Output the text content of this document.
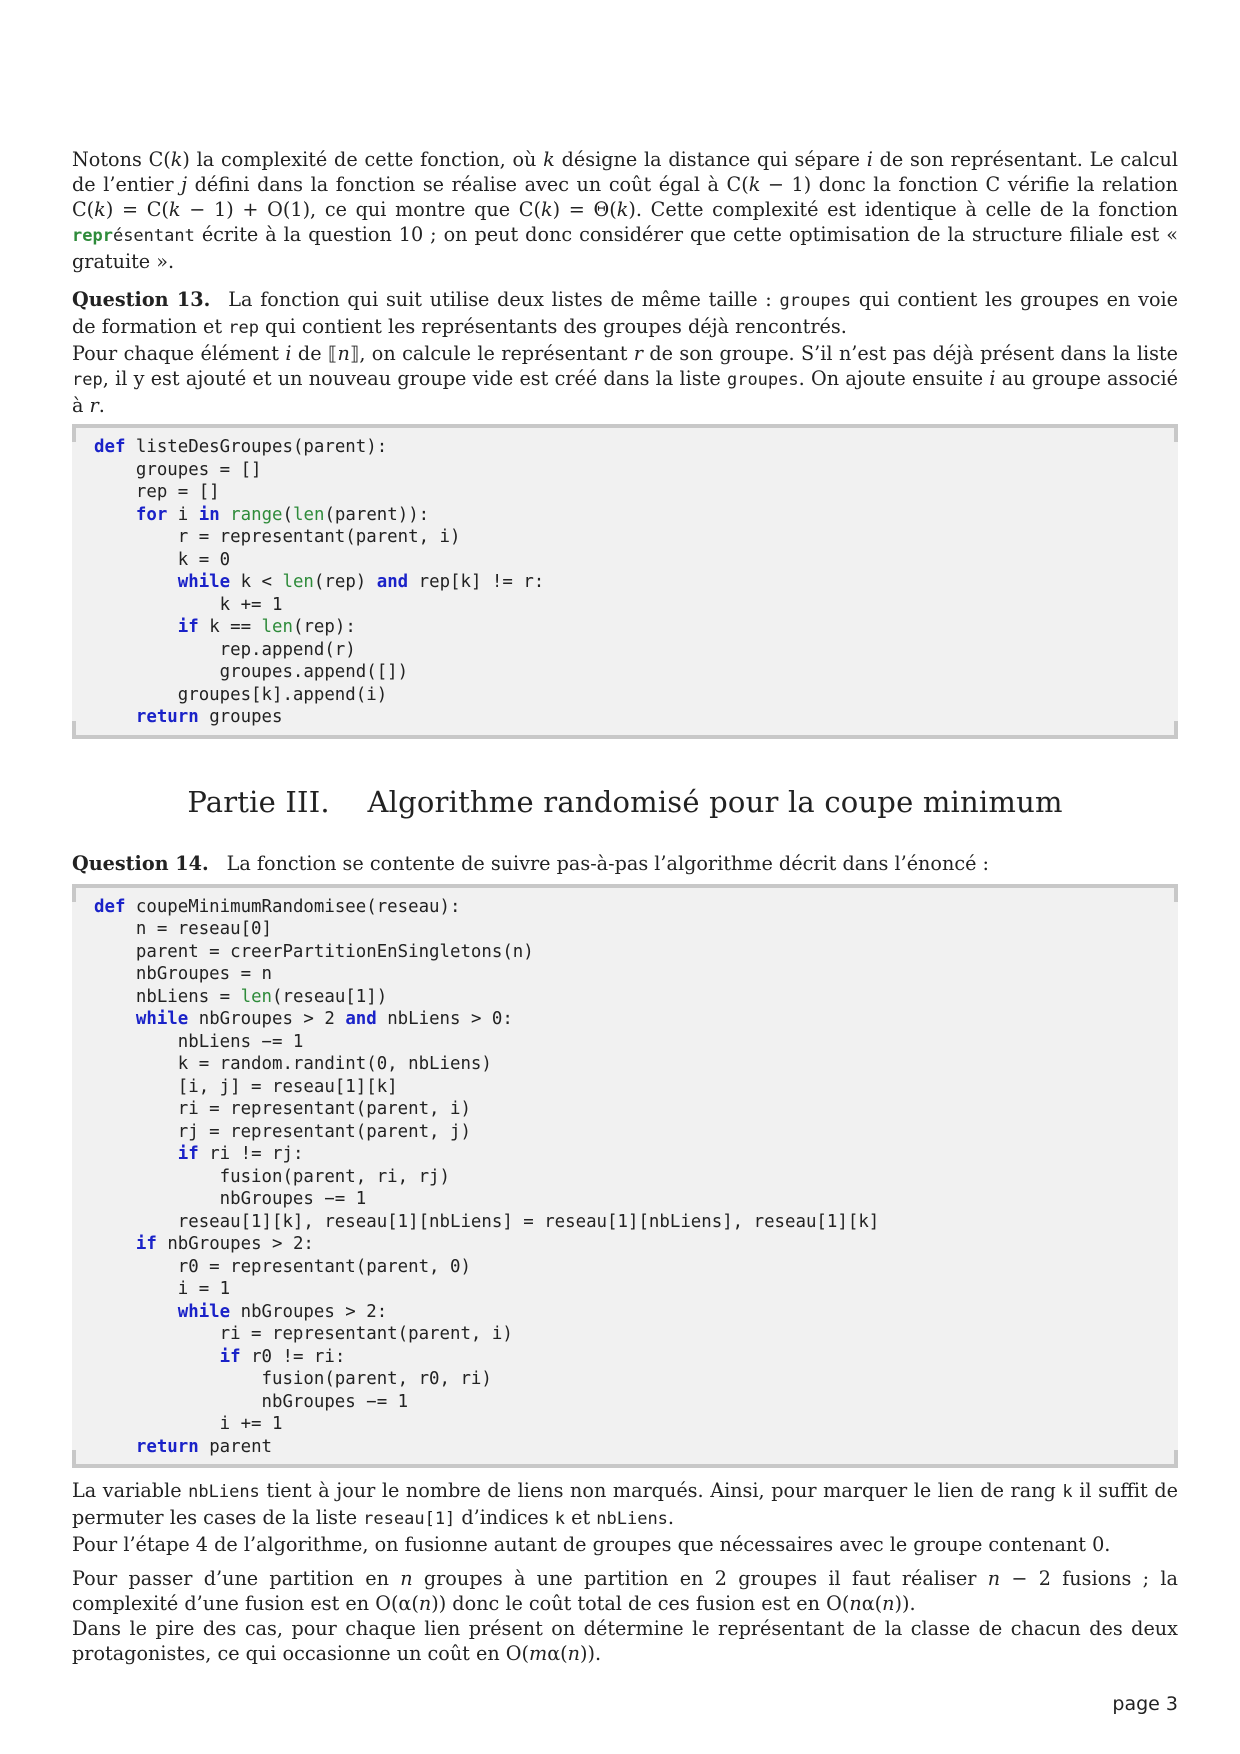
Notons C(k) la complexité de cette fonction, où k désigne la distance qui sépare i de son représentant. Le calcul de l’entier j défini dans la fonction se réalise avec un coût égal à C(k − 1) donc la fonction C vérifie la relation C(k) = C(k − 1) + O(1), ce qui montre que C(k) = Θ(k). Cette complexité est identique à celle de la fonction représentant écrite à la question 10 ; on peut donc considérer que cette optimisation de la structure filiale est « gratuite ».

Question 13. La fonction qui suit utilise deux listes de même taille : groupes qui contient les groupes en voie de formation et rep qui contient les représentants des groupes déjà rencontrés.

Pour chaque élément i de ⟦n⟧, on calcule le représentant r de son groupe. S’il n’est pas déjà présent dans la liste rep, il y est ajouté et un nouveau groupe vide est créé dans la liste groupes. On ajoute ensuite i au groupe associé à r.

def listeDesGroupes(parent):
groupes = []
rep = []
for i in range(len(parent)):
r = representant(parent, i)
k = 0
while k < len(rep) and rep[k] != r:
k += 1
if k == len(rep):
rep.append(r)
groupes.append([])
groupes[k].append(i)
return groupes
Partie III. Algorithme randomisé pour la coupe minimum

Question 14. La fonction se contente de suivre pas-à-pas l’algorithme décrit dans l’énoncé :

def coupeMinimumRandomisee(reseau):
n = reseau[0]
parent = creerPartitionEnSingletons(n)
nbGroupes = n
nbLiens = len(reseau[1])
while nbGroupes > 2 and nbLiens > 0:
nbLiens −= 1
k = random.randint(0, nbLiens)
[i, j] = reseau[1][k]
ri = representant(parent, i)
rj = representant(parent, j)
if ri != rj:
fusion(parent, ri, rj)
nbGroupes −= 1
reseau[1][k], reseau[1][nbLiens] = reseau[1][nbLiens], reseau[1][k]
if nbGroupes > 2:
r0 = representant(parent, 0)
i = 1
while nbGroupes > 2:
ri = representant(parent, i)
if r0 != ri:
fusion(parent, r0, ri)
nbGroupes −= 1
i += 1
return parent

La variable nbLiens tient à jour le nombre de liens non marqués. Ainsi, pour marquer le lien de rang k il suffit de permuter les cases de la liste reseau[1] d’indices k et nbLiens.

Pour l’étape 4 de l’algorithme, on fusionne autant de groupes que nécessaires avec le groupe contenant 0.

Pour passer d’une partition en n groupes à une partition en 2 groupes il faut réaliser n − 2 fusions ; la complexité d’une fusion est en O(α(n)) donc le coût total de ces fusion est en O(nα(n)).

Dans le pire des cas, pour chaque lien présent on détermine le représentant de la classe de chacun des deux protagonistes, ce qui occasionne un coût en O(mα(n)).

page 3
